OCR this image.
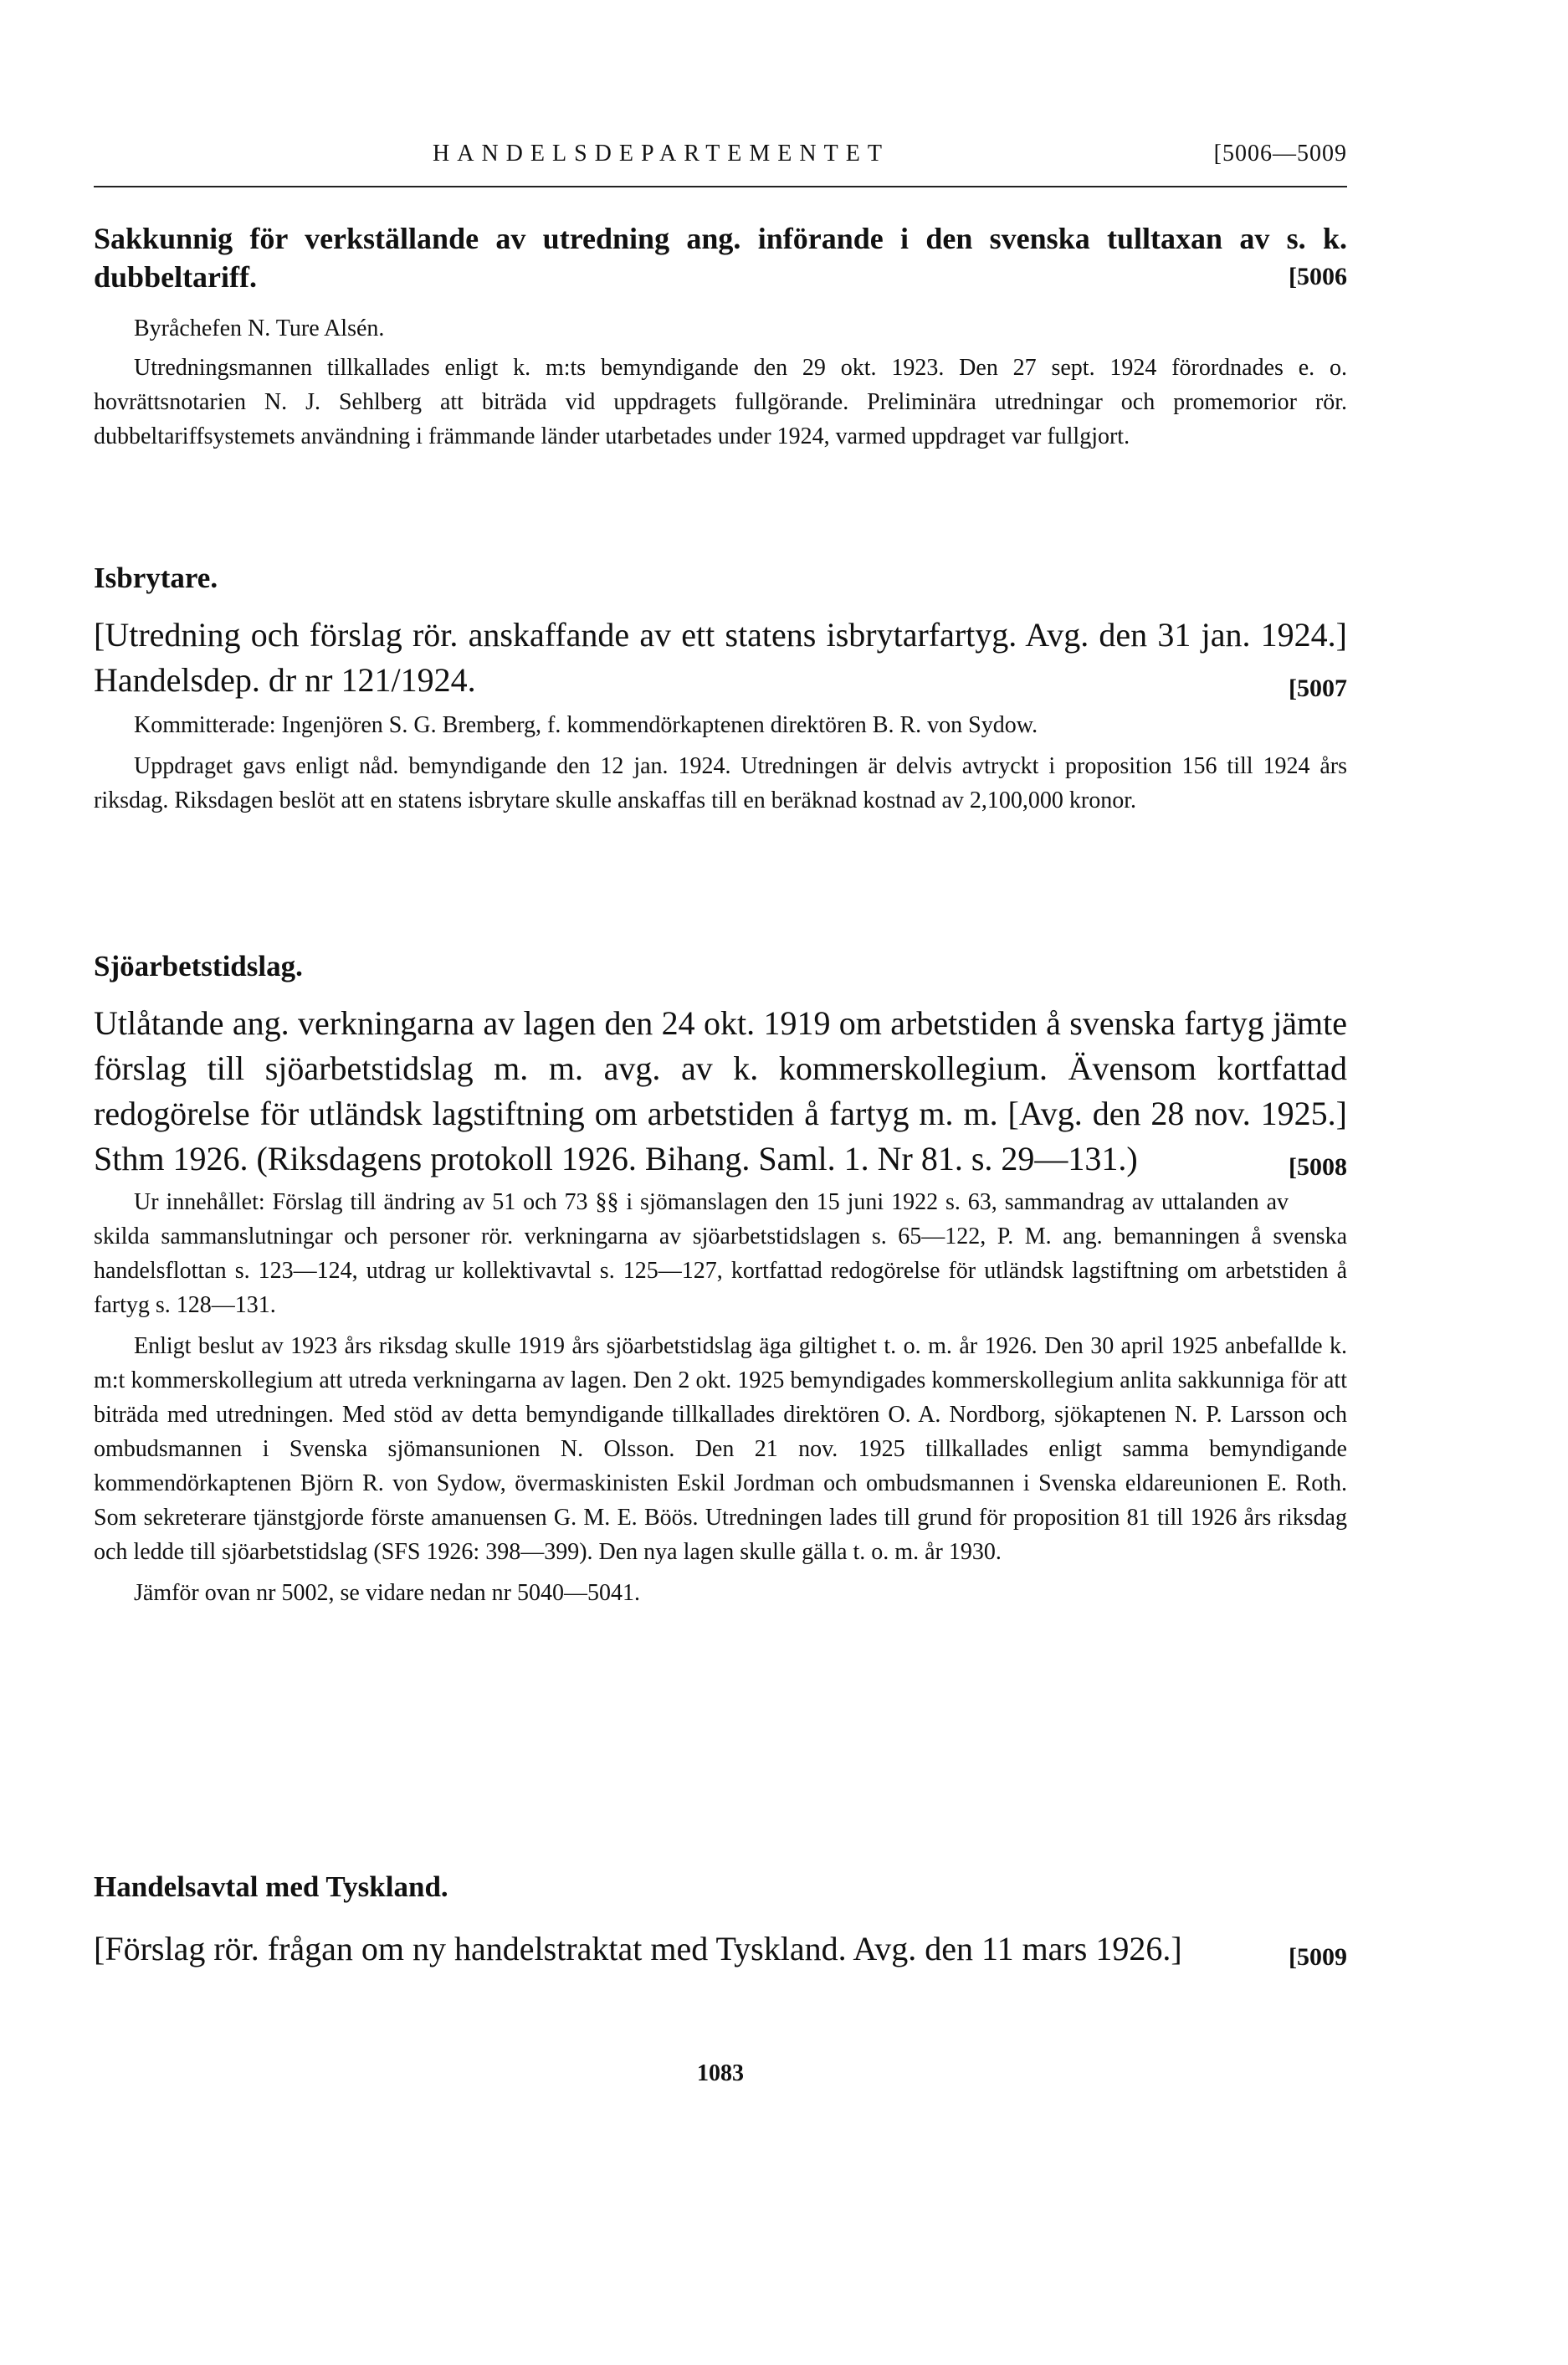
HANDELSDEPARTEMENTET	[5006—5009
Sakkunnig för verkställande av utredning ang. införande i den svenska tulltaxan av s. k. dubbeltariff.	[5006

Byråchefen N. Ture Alsén.

Utredningsmannen tillkallades enligt k. m:ts bemyndigande den 29 okt. 1923. Den 27 sept. 1924 förordnades e. o. hovrättsnotarien N. J. Sehlberg att biträda vid uppdragets fullgörande. Preliminära utredningar och promemorior rör. dubbeltariffsystemets användning i främmande länder utarbetades under 1924, varmed uppdraget var fullgjort.

Isbrytare.
[Utredning och förslag rör. anskaffande av ett statens isbrytarfartyg. Avg. den 31 jan. 1924.] Handelsdep. dr nr 121/1924.	[5007

Kommitterade: Ingenjören S. G. Bremberg, f. kommendörkaptenen direktören B. R. von Sydow.

Uppdraget gavs enligt nåd. bemyndigande den 12 jan. 1924. Utredningen är delvis avtryckt i proposition 156 till 1924 års riksdag. Riksdagen beslöt att en statens isbrytare skulle anskaffas till en beräknad kostnad av 2,100,000 kronor.

Sjöarbetstidslag.
Utlåtande ang. verkningarna av lagen den 24 okt. 1919 om arbetstiden å svenska fartyg jämte förslag till sjöarbetstidslag m. m. avg. av k. kommerskollegium. Ävensom kortfattad redogörelse för utländsk lagstiftning om arbetstiden å fartyg m. m. [Avg. den 28 nov. 1925.] Sthm 1926. (Riksdagens protokoll 1926. Bihang. Saml. 1. Nr 81. s. 29—131.)	[5008

Ur innehållet: Förslag till ändring av 51 och 73 §§ i sjömanslagen den 15 juni 1922 s. 63, sammandrag av uttalanden av skilda sammanslutningar och personer rör. verkningarna av sjöarbetstidslagen s. 65—122, P. M. ang. bemanningen å svenska handelsflottan s. 123—124, utdrag ur kollektivavtal s. 125—127, kortfattad redogörelse för utländsk lagstiftning om arbetstiden å fartyg s. 128—131.

Enligt beslut av 1923 års riksdag skulle 1919 års sjöarbetstidslag äga giltighet t. o. m. år 1926. Den 30 april 1925 anbefallde k. m:t kommerskollegium att utreda verkningarna av lagen. Den 2 okt. 1925 bemyndigades kommerskollegium anlita sakkunniga för att biträda med utredningen. Med stöd av detta bemyndigande tillkallades direktören O. A. Nordborg, sjökaptenen N. P. Larsson och ombudsmannen i Svenska sjömansunionen N. Olsson. Den 21 nov. 1925 tillkallades enligt samma bemyndigande kommendörkaptenen Björn R. von Sydow, övermaskinisten Eskil Jordman och ombudsmannen i Svenska eldareunionen E. Roth. Som sekreterare tjänstgjorde förste amanuensen G. M. E. Böös. Utredningen lades till grund för proposition 81 till 1926 års riksdag och ledde till sjöarbetstidslag (SFS 1926: 398—399). Den nya lagen skulle gälla t. o. m. år 1930.

Jämför ovan nr 5002, se vidare nedan nr 5040—5041.

Handelsavtal med Tyskland.
[Förslag rör. frågan om ny handelstraktat med Tyskland. Avg. den 11 mars 1926.]	[5009
1083
